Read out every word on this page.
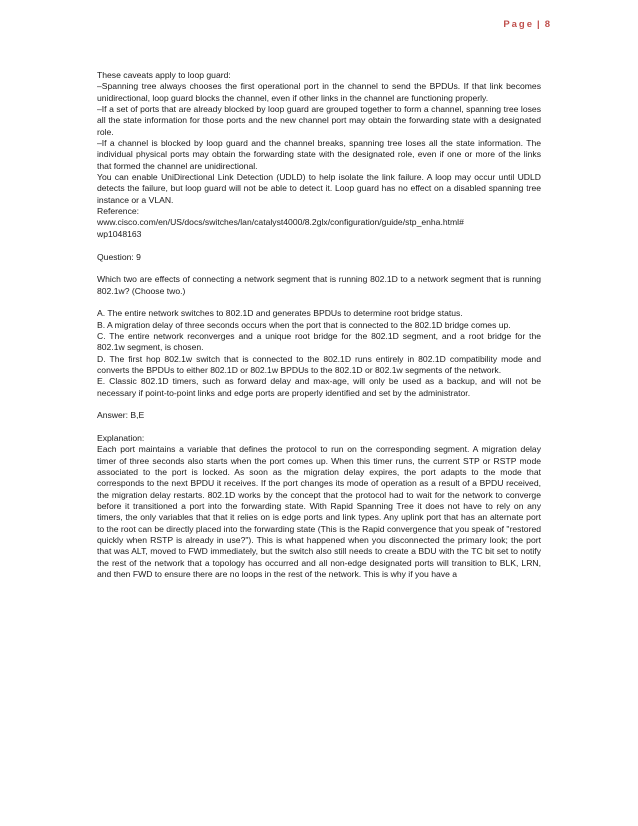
Page | 8

These caveats apply to loop guard:

–Spanning tree always chooses the first operational port in the channel to send the BPDUs. If that link becomes unidirectional, loop guard blocks the channel, even if other links in the channel are functioning properly.

–If a set of ports that are already blocked by loop guard are grouped together to form a channel, spanning tree loses all the state information for those ports and the new channel port may obtain the forwarding state with a designated role.

–If a channel is blocked by loop guard and the channel breaks, spanning tree loses all the state information. The individual physical ports may obtain the forwarding state with the designated role, even if one or more of the links that formed the channel are unidirectional.

You can enable UniDirectional Link Detection (UDLD) to help isolate the link failure. A loop may occur until UDLD detects the failure, but loop guard will not be able to detect it. Loop guard has no effect on a disabled spanning tree instance or a VLAN.

Reference:

www.cisco.com/en/US/docs/switches/lan/catalyst4000/8.2glx/configuration/guide/stp_enha.html#
wp1048163

Question: 9

Which two are effects of connecting a network segment that is running 802.1D to a network segment that is running 802.1w? (Choose two.)

A. The entire network switches to 802.1D and generates BPDUs to determine root bridge status.

B. A migration delay of three seconds occurs when the port that is connected to the 802.1D bridge comes up.

C. The entire network reconverges and a unique root bridge for the 802.1D segment, and a root bridge for the 802.1w segment, is chosen.

D. The first hop 802.1w switch that is connected to the 802.1D runs entirely in 802.1D compatibility mode and converts the BPDUs to either 802.1D or 802.1w BPDUs to the 802.1D or 802.1w segments of the network.

E. Classic 802.1D timers, such as forward delay and max-age, will only be used as a backup, and will not be necessary if point-to-point links and edge ports are properly identified and set by the administrator.

Answer: B,E

Explanation:

Each port maintains a variable that defines the protocol to run on the corresponding segment. A migration delay timer of three seconds also starts when the port comes up. When this timer runs, the current STP or RSTP mode associated to the port is locked. As soon as the migration delay expires, the port adapts to the mode that corresponds to the next BPDU it receives. If the port changes its mode of operation as a result of a BPDU received, the migration delay restarts. 802.1D works by the concept that the protocol had to wait for the network to converge before it transitioned a port into the forwarding state. With Rapid Spanning Tree it does not have to rely on any timers, the only variables that that it relies on is edge ports and link types. Any uplink port that has an alternate port to the root can be directly placed into the forwarding state (This is the Rapid convergence that you speak of "restored quickly when RSTP is already in use?"). This is what happened when you disconnected the primary look; the port that was ALT, moved to FWD immediately, but the switch also still needs to create a BDU with the TC bit set to notify the rest of the network that a topology has occurred and all non-edge designated ports will transition to BLK, LRN, and then FWD to ensure there are no loops in the rest of the network. This is why if you have a
